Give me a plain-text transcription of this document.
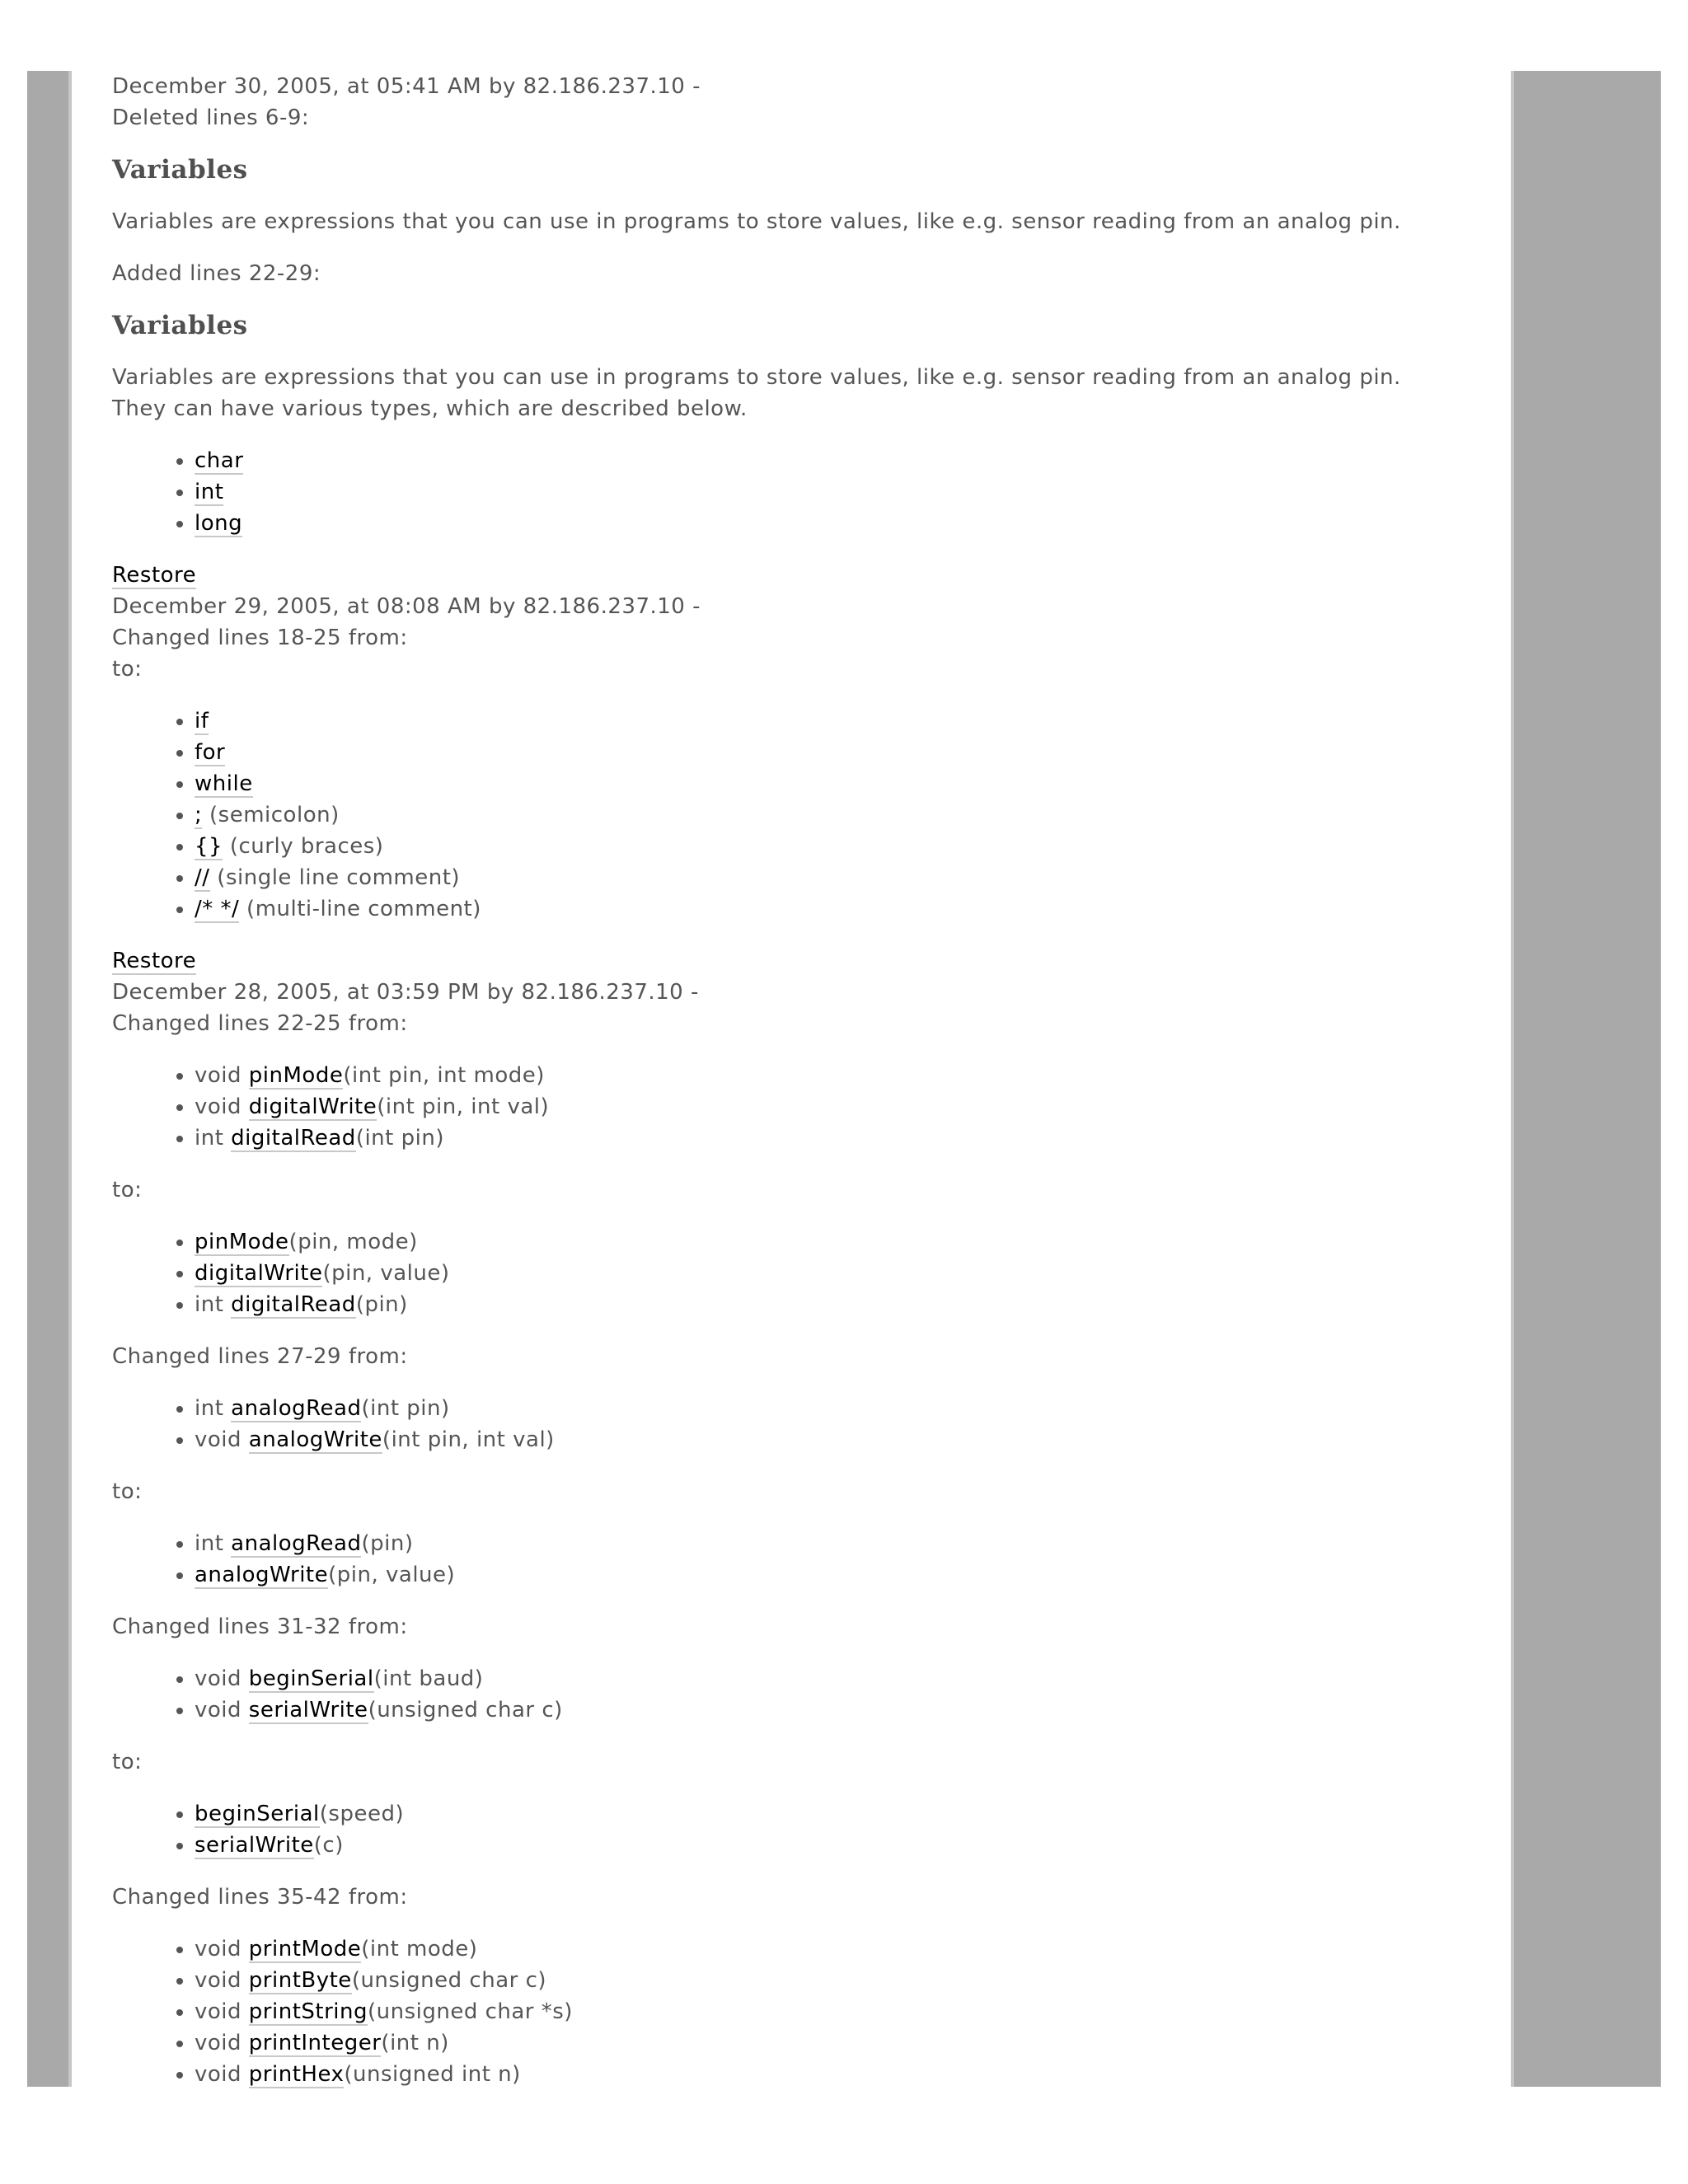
December 30, 2005, at 05:41 AM by 82.186.237.10 -

Deleted lines 6-9:

Variables

Variables are expressions that you can use in programs to store values, like e.g. sensor reading from an analog pin.

Added lines 22-29:

Variables

Variables are expressions that you can use in programs to store values, like e.g. sensor reading from an analog pin. They can have various types, which are described below.

• char
• int
• long

Restore

December 29, 2005, at 08:08 AM by 82.186.237.10 -

Changed lines 18-25 from:

to:

• if
• for
• while
• ; (semicolon)
• {} (curly braces)
• // (single line comment)
• /* */ (multi-line comment)

Restore

December 28, 2005, at 03:59 PM by 82.186.237.10 -

Changed lines 22-25 from:

• void pinMode(int pin, int mode)
• void digitalWrite(int pin, int val)
• int digitalRead(int pin)

to:

• pinMode(pin, mode)
• digitalWrite(pin, value)
• int digitalRead(pin)

Changed lines 27-29 from:

• int analogRead(int pin)
• void analogWrite(int pin, int val)

to:

• int analogRead(pin)
• analogWrite(pin, value)

Changed lines 31-32 from:

• void beginSerial(int baud)
• void serialWrite(unsigned char c)

to:

• beginSerial(speed)
• serialWrite(c)

Changed lines 35-42 from:

• void printMode(int mode)
• void printByte(unsigned char c)
• void printString(unsigned char *s)
• void printInteger(int n)
• void printHex(unsigned int n)
